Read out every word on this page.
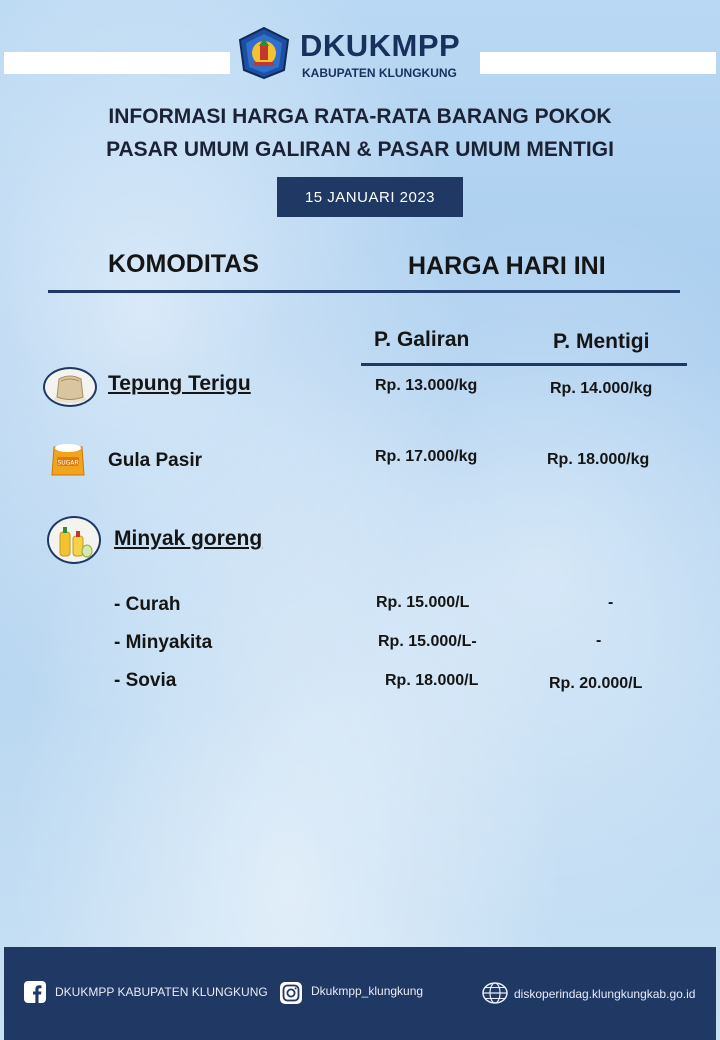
DKUKMPP
KABUPATEN KLUNGKUNG
INFORMASI HARGA RATA-RATA BARANG POKOK
PASAR UMUM GALIRAN & PASAR UMUM MENTIGI
15 JANUARI 2023
KOMODITAS	HARGA HARI INI
P. Galiran	P. Mentigi
Tepung Terigu	Rp. 13.000/kg	Rp. 14.000/kg
SUGAR Gula Pasir	Rp. 17.000/kg	Rp. 18.000/kg
Minyak goreng
- Curah	Rp. 15.000/L	-
- Minyakita	Rp. 15.000/L-	-
- Sovia	Rp. 18.000/L	Rp. 20.000/L
DKUKMPP KABUPATEN KLUNGKUNG	Dkukmpp_klungkung	diskoperindag.klungkungkab.go.id
